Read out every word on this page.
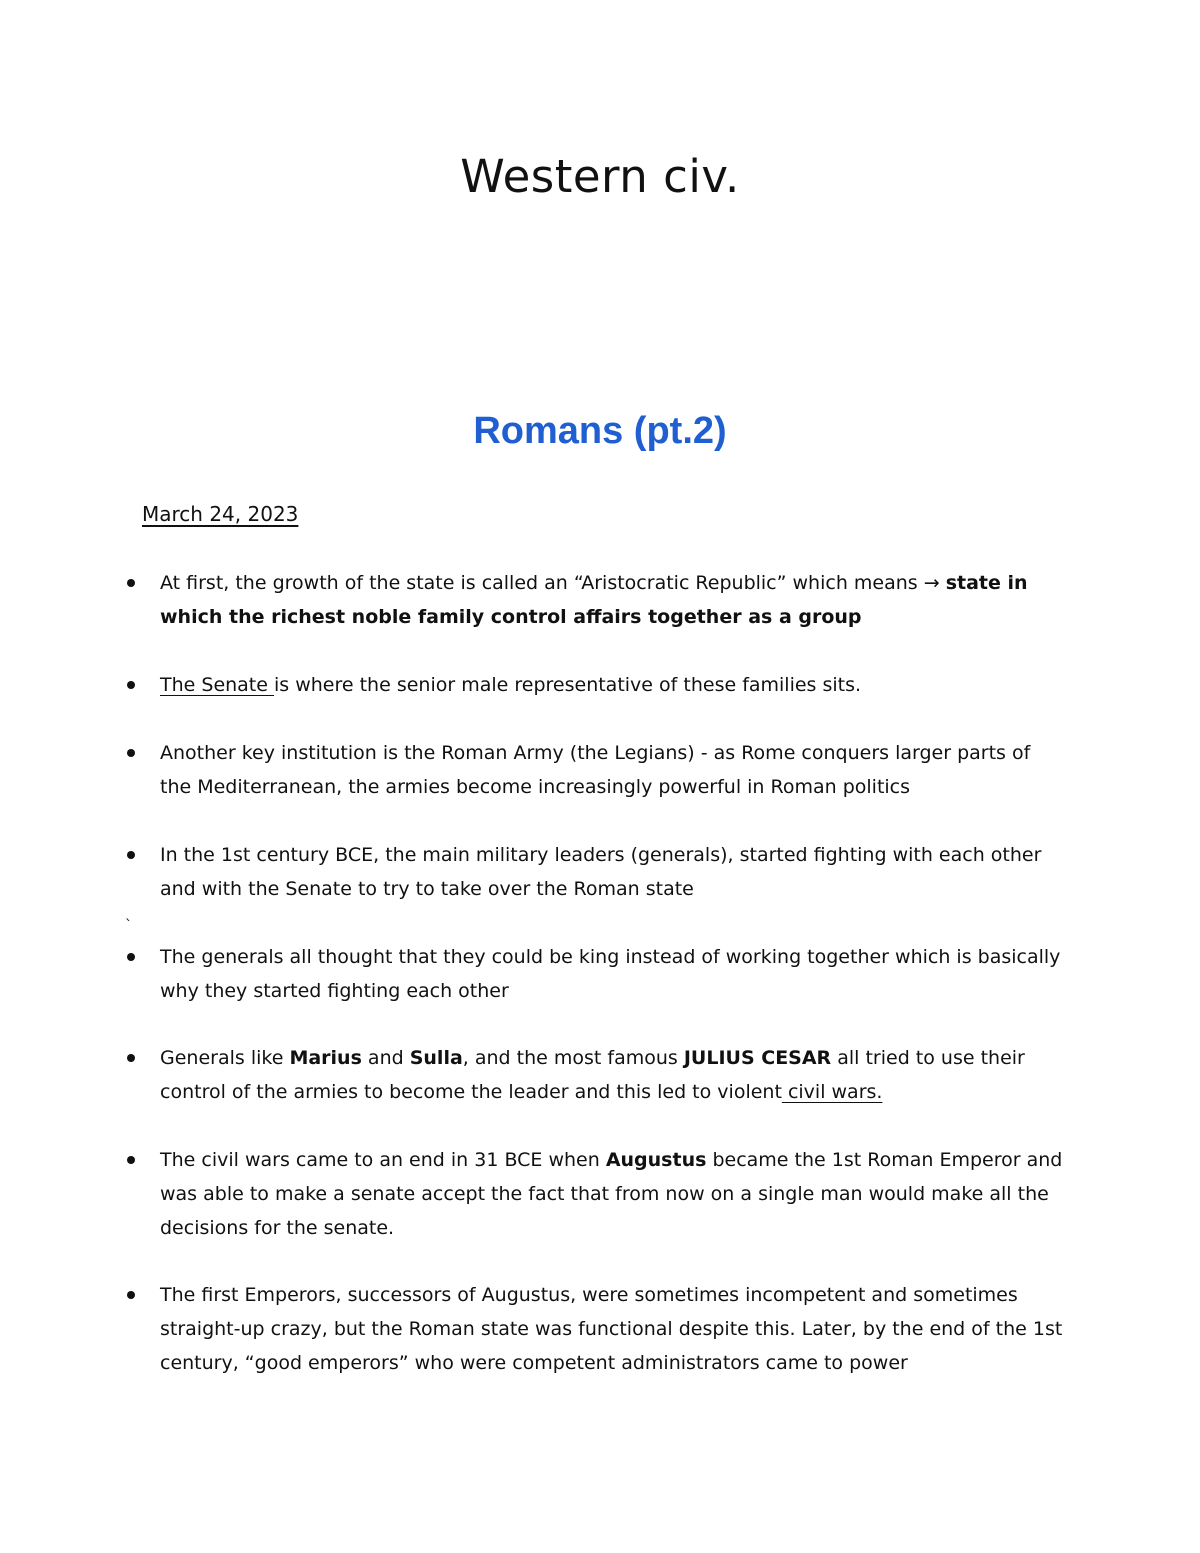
Western civ.
Romans (pt.2)
March 24, 2023
At first, the growth of the state is called an “Aristocratic Republic” which means → state in which the richest noble family control affairs together as a group
The Senate is where the senior male representative of these families sits.
Another key institution is the Roman Army (the Legians) - as Rome conquers larger parts of the Mediterranean, the armies become increasingly powerful in Roman politics
In the 1st century BCE, the main military leaders (generals), started fighting with each other and with the Senate to try to take over the Roman state
`
The generals all thought that they could be king instead of working together which is basically why they started fighting each other
Generals like Marius and Sulla, and the most famous JULIUS CESAR all tried to use their control of the armies to become the leader and this led to violent civil wars.
The civil wars came to an end in 31 BCE when Augustus became the 1st Roman Emperor and was able to make a senate accept the fact that from now on a single man would make all the decisions for the senate.
The first Emperors, successors of Augustus, were sometimes incompetent and sometimes straight-up crazy, but the Roman state was functional despite this. Later, by the end of the 1st century, “good emperors” who were competent administrators came to power
